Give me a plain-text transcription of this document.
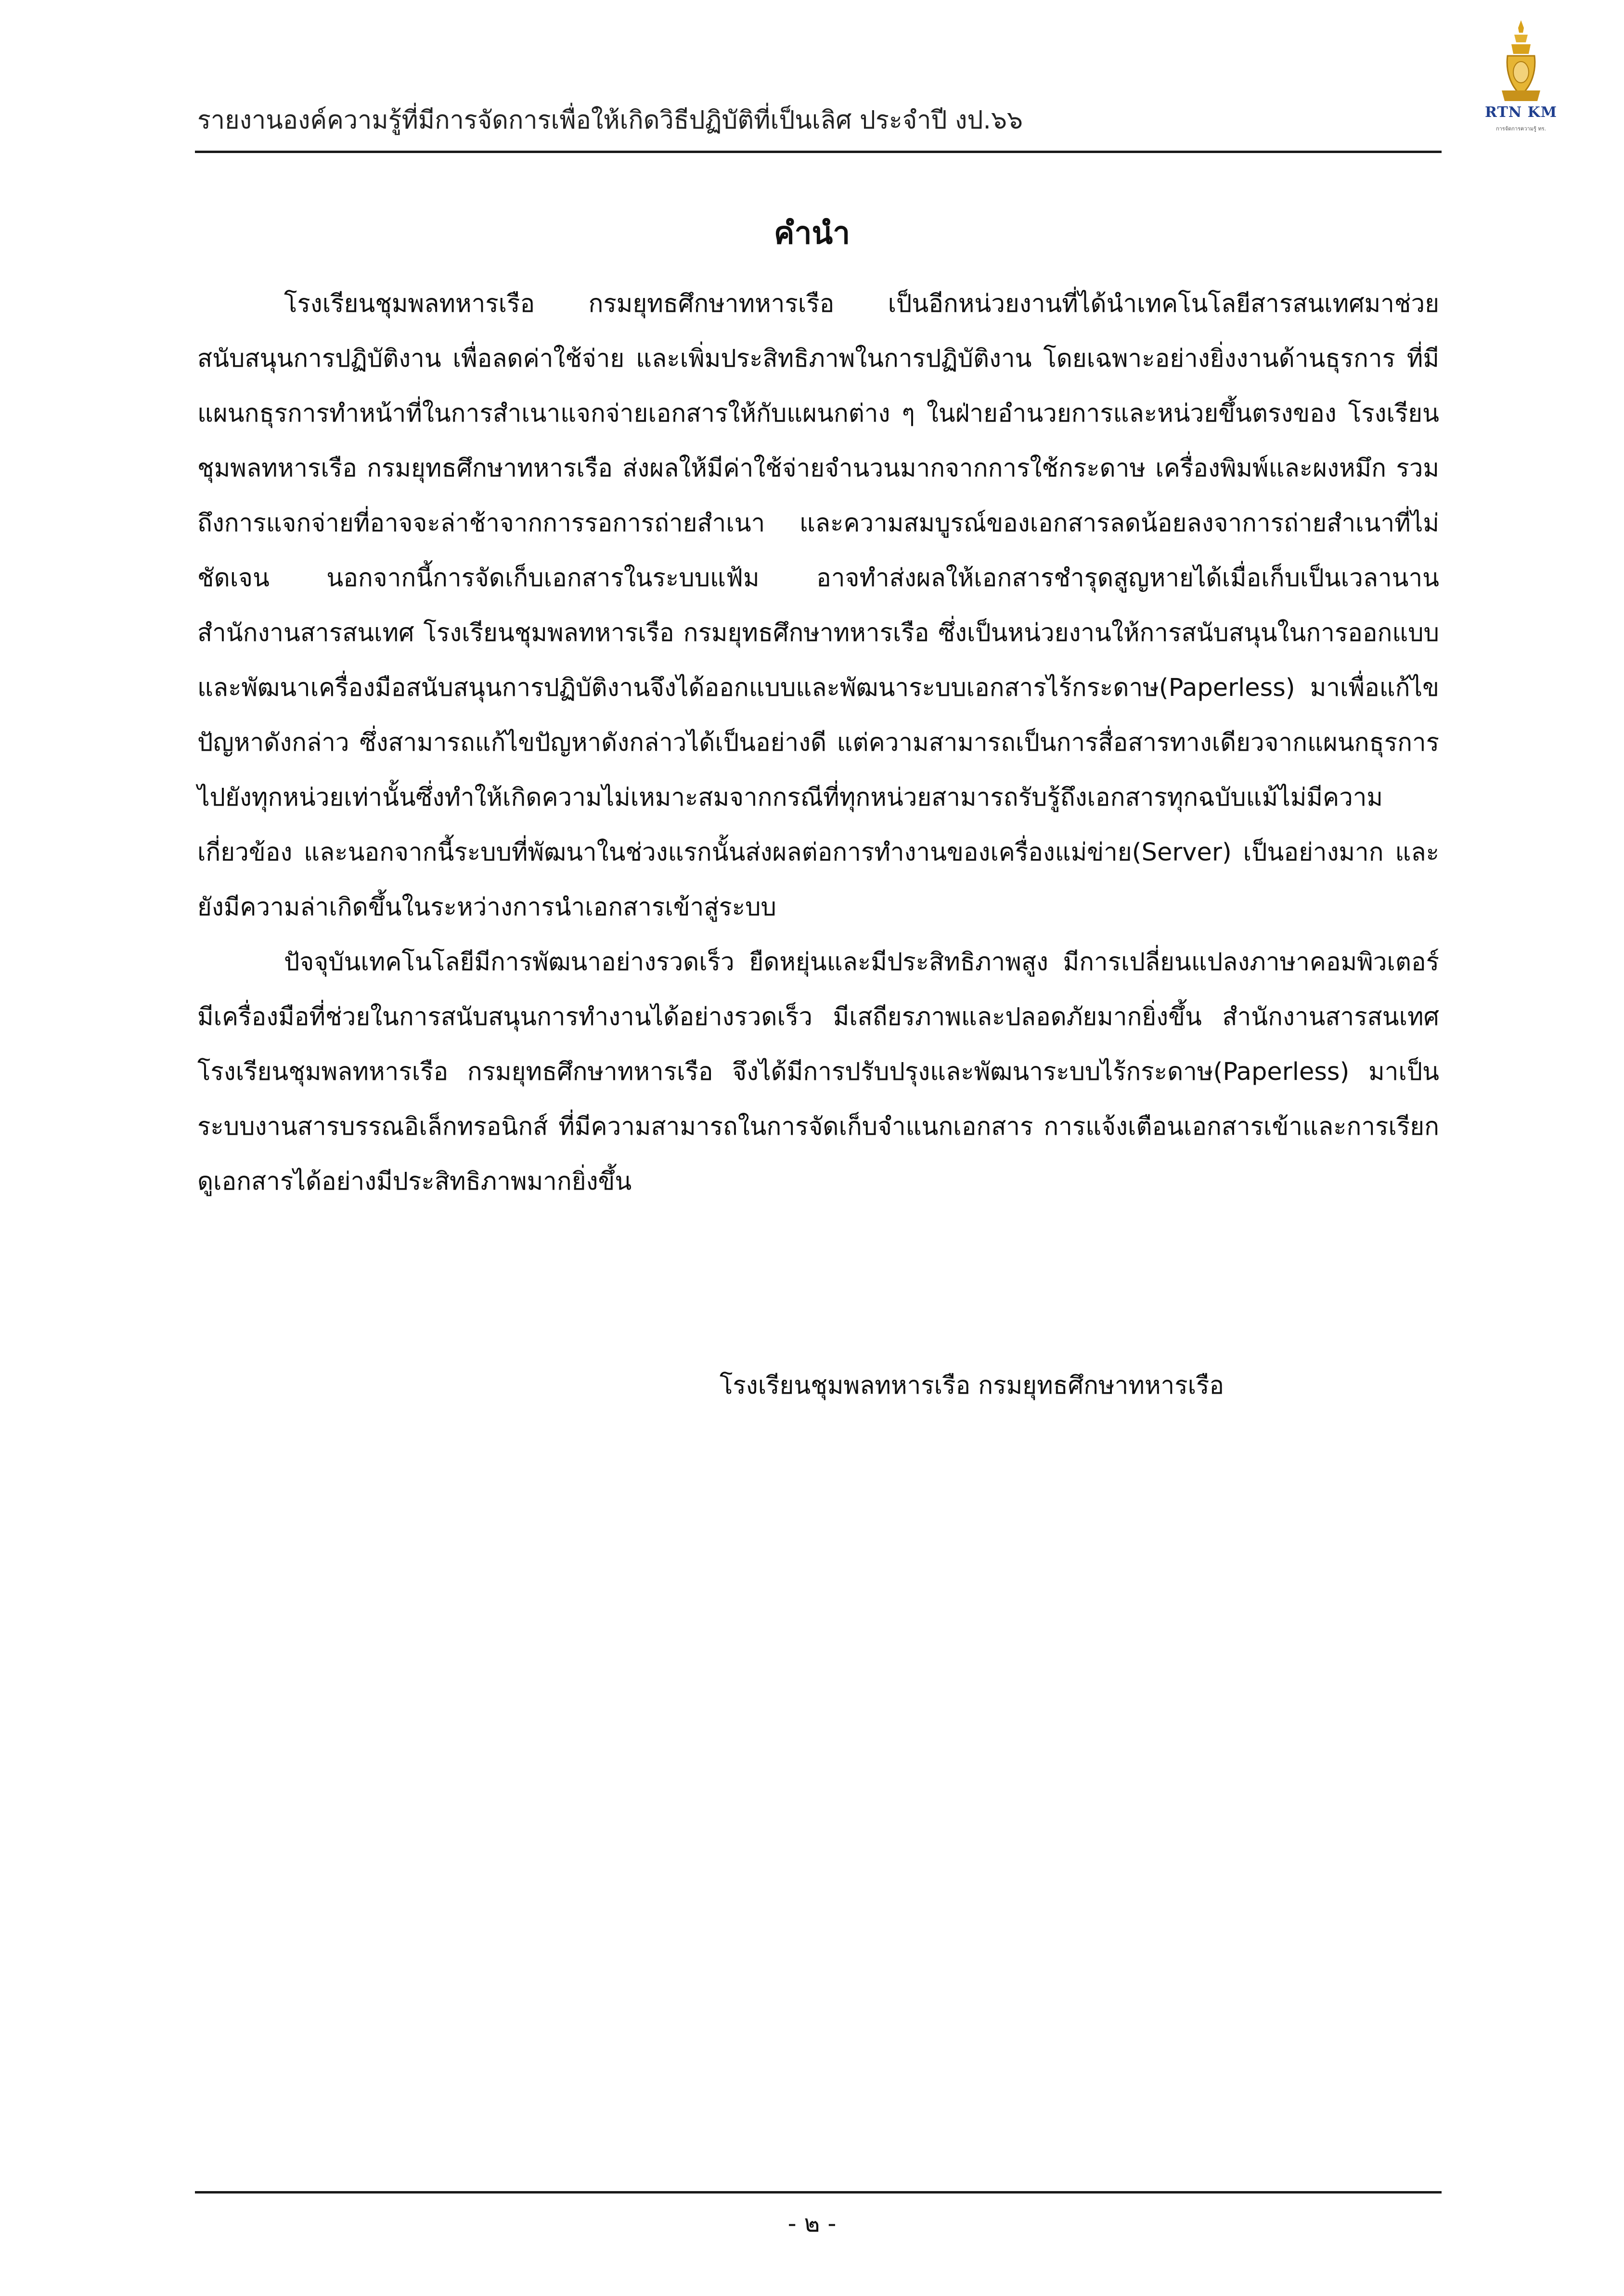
รายงานองค์ความรู้ที่มีการจัดการเพื่อให้เกิดวิธีปฏิบัติที่เป็นเลิศ ประจำปี งป.๖๖	RTN KM
การจัดการความรู้ ทร.
คำนำ

โรงเรียนชุมพลทหารเรือ กรมยุทธศึกษาทหารเรือ เป็นอีกหน่วยงานที่ได้นำเทคโนโลยีสารสนเทศมาช่วยสนับสนุนการปฏิบัติงาน เพื่อลดค่าใช้จ่าย และเพิ่มประสิทธิภาพในการปฏิบัติงาน โดยเฉพาะอย่างยิ่งงานด้านธุรการ ที่มีแผนกธุรการทำหน้าที่ในการสำเนาแจกจ่ายเอกสารให้กับแผนกต่าง ๆ ในฝ่ายอำนวยการและหน่วยขึ้นตรงของ โรงเรียนชุมพลทหารเรือ กรมยุทธศึกษาทหารเรือ ส่งผลให้มีค่าใช้จ่ายจำนวนมากจากการใช้กระดาษ เครื่องพิมพ์และผงหมึก รวมถึงการแจกจ่ายที่อาจจะล่าช้าจากการรอการถ่ายสำเนา และความสมบูรณ์ของเอกสารลดน้อยลงจาการถ่ายสำเนาที่ไม่ชัดเจน นอกจากนี้การจัดเก็บเอกสารในระบบแฟ้ม อาจทำส่งผลให้เอกสารชำรุดสูญหายได้เมื่อเก็บเป็นเวลานาน สำนักงานสารสนเทศ โรงเรียนชุมพลทหารเรือ กรมยุทธศึกษาทหารเรือ ซึ่งเป็นหน่วยงานให้การสนับสนุนในการออกแบบและพัฒนาเครื่องมือสนับสนุนการปฏิบัติงานจึงได้ออกแบบและพัฒนาระบบเอกสารไร้กระดาษ(Paperless) มาเพื่อแก้ไขปัญหาดังกล่าว ซึ่งสามารถแก้ไขปัญหาดังกล่าวได้เป็นอย่างดี แต่ความสามารถเป็นการสื่อสารทางเดียวจากแผนกธุรการไปยังทุกหน่วยเท่านั้นซึ่งทำให้เกิดความไม่เหมาะสมจากกรณีที่ทุกหน่วยสามารถรับรู้ถึงเอกสารทุกฉบับแม้ไม่มีความเกี่ยวข้อง และนอกจากนี้ระบบที่พัฒนาในช่วงแรกนั้นส่งผลต่อการทำงานของเครื่องแม่ข่าย(Server) เป็นอย่างมาก และยังมีความล่าเกิดขึ้นในระหว่างการนำเอกสารเข้าสู่ระบบ

ปัจจุบันเทคโนโลยีมีการพัฒนาอย่างรวดเร็ว ยืดหยุ่นและมีประสิทธิภาพสูง มีการเปลี่ยนแปลงภาษาคอมพิวเตอร์ มีเครื่องมือที่ช่วยในการสนับสนุนการทำงานได้อย่างรวดเร็ว มีเสถียรภาพและปลอดภัยมากยิ่งขึ้น สำนักงานสารสนเทศ โรงเรียนชุมพลทหารเรือ กรมยุทธศึกษาทหารเรือ จึงได้มีการปรับปรุงและพัฒนาระบบไร้กระดาษ(Paperless) มาเป็นระบบงานสารบรรณอิเล็กทรอนิกส์ ที่มีความสามารถในการจัดเก็บจำแนกเอกสาร การแจ้งเตือนเอกสารเข้าและการเรียกดูเอกสารได้อย่างมีประสิทธิภาพมากยิ่งขึ้น

โรงเรียนชุมพลทหารเรือ กรมยุทธศึกษาทหารเรือ
- ๒ -
